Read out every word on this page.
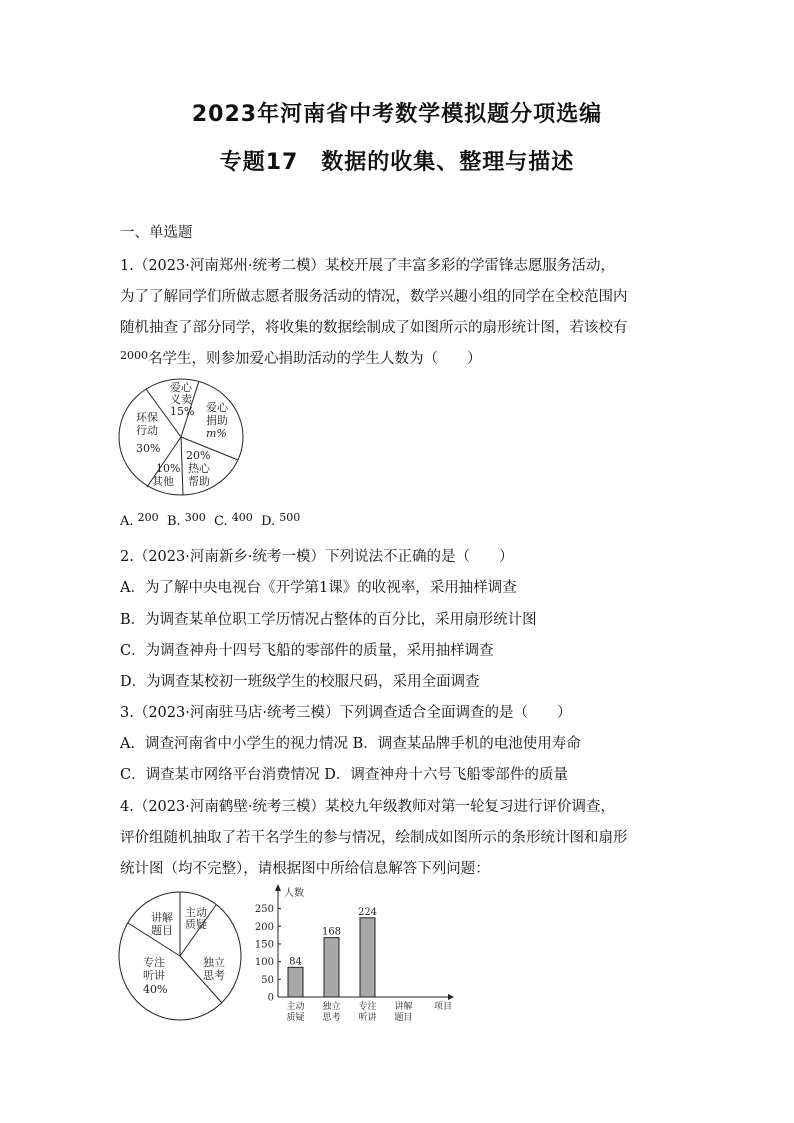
2023年河南省中考数学模拟题分项选编
专题17　数据的收集、整理与描述
一、单选题
1.（2023·河南郑州·统考二模）某校开展了丰富多彩的学雷锋志愿服务活动，
为了了解同学们所做志愿者服务活动的情况，数学兴趣小组的同学在全校范围内
随机抽查了部分同学，将收集的数据绘制成了如图所示的扇形统计图，若该校有
$^{2000}$名学生，则参加爱心捐助活动的学生人数为（　　）
爱心
义卖
15% 爱心
捐助
m%
20%
热心
帮助
10%
其他
环保
行动
30%
A. $^{200}$ B. $^{300}$ C. $^{400}$ D. $^{500}$
2.（2023·河南新乡·统考一模）下列说法不正确的是（　　）
A．为了解中央电视台《开学第1课》的收视率，采用抽样调查
B．为调查某单位职工学历情况占整体的百分比，采用扇形统计图
C．为调查神舟十四号飞船的零部件的质量，采用抽样调查
D．为调查某校初一班级学生的校服尺码，采用全面调查
3.（2023·河南驻马店·统考三模）下列调查适合全面调查的是（　　）
A．调查河南省中小学生的视力情况 B．调查某品牌手机的电池使用寿命
C．调查某市网络平台消费情况 D．调查神舟十六号飞船零部件的质量
4.（2023·河南鹤壁·统考三模）某校九年级教师对第一轮复习进行评价调查，
评价组随机抽取了若干名学生的参与情况，绘制成如图所示的条形统计图和扇形
统计图（均不完整），请根据图中所给信息解答下列问题：
讲解
题目
主动
质疑
独立
思考
专注
听讲
40%
人数
项目
0
50
100
150
200
250
84
主动
质疑
168
独立
思考
224
专注
听讲
讲解
题目
